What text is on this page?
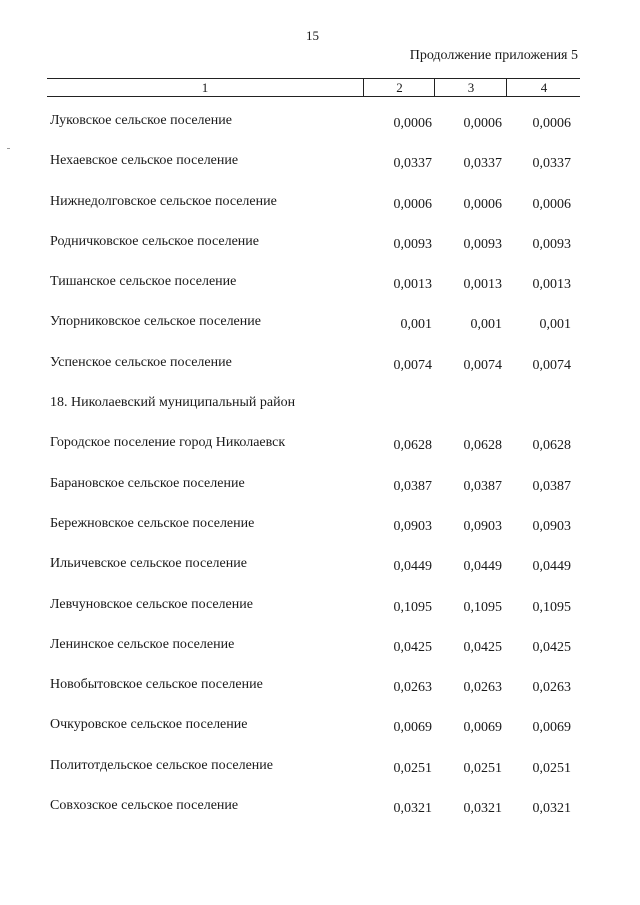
15
Продолжение приложения 5
1	2	3	4
Луковское сельское поселение	0,0006	0,0006	0,0006
Нехаевское сельское поселение	0,0337	0,0337	0,0337
Нижнедолговское сельское поселение	0,0006	0,0006	0,0006
Родничковское сельское поселение	0,0093	0,0093	0,0093
Тишанское сельское поселение	0,0013	0,0013	0,0013
Упорниковское сельское поселение	0,001	0,001	0,001
Успенское сельское поселение	0,0074	0,0074	0,0074
18. Николаевский муниципальный район
Городское поселение город Николаевск	0,0628	0,0628	0,0628
Барановское сельское поселение	0,0387	0,0387	0,0387
Бережновское сельское поселение	0,0903	0,0903	0,0903
Ильичевское сельское поселение	0,0449	0,0449	0,0449
Левчуновское сельское поселение	0,1095	0,1095	0,1095
Ленинское сельское поселение	0,0425	0,0425	0,0425
Новобытовское сельское поселение	0,0263	0,0263	0,0263
Очкуровское сельское поселение	0,0069	0,0069	0,0069
Политотдельское сельское поселение	0,0251	0,0251	0,0251
Совхозское сельское поселение	0,0321	0,0321	0,0321
